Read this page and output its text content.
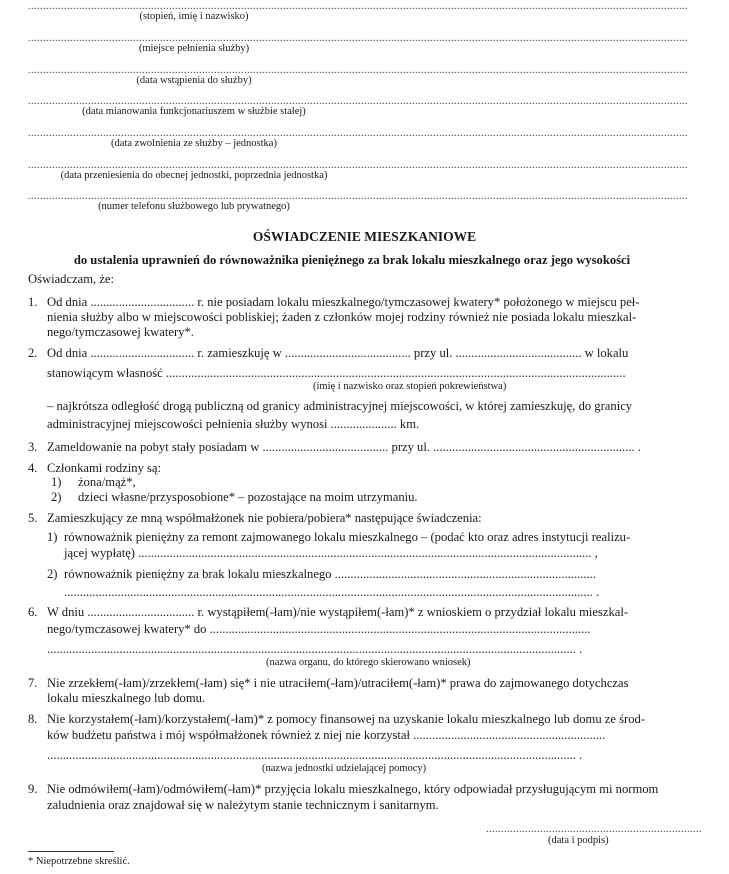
............................................................................................................................................................................................................................
(stopień, imię i nazwisko)
............................................................................................................................................................................................................................
(miejsce pełnienia służby)
............................................................................................................................................................................................................................
(data wstąpienia do służby)
............................................................................................................................................................................................................................
(data mianowania funkcjonariuszem w służbie stałej)
............................................................................................................................................................................................................................
(data zwolnienia ze służby – jednostka)
............................................................................................................................................................................................................................
(data przeniesienia do obecnej jednostki, poprzednia jednostka)
............................................................................................................................................................................................................................
(numer telefonu służbowego lub prywatnego)
OŚWIADCZENIE MIESZKANIOWE
do ustalenia uprawnień do równoważnika pieniężnego za brak lokalu mieszkalnego oraz jego wysokości
Oświadczam, że:
1. Od dnia ................................. r. nie posiadam lokalu mieszkalnego/tymczasowej kwatery* położonego w miejscu peł-
nienia służby albo w miejscowości pobliskiej; żaden z członków mojej rodziny również nie posiada lokalu mieszkal-
nego/tymczasowej kwatery*.
2. Od dnia ................................. r. zamieszkuję w ........................................ przy ul. ........................................ w lokalu
stanowiącym własność ..................................................................................................................................................
(imię i nazwisko oraz stopień pokrewieństwa)
– najkrótsza odległość drogą publiczną od granicy administracyjnej miejscowości, w której zamieszkuję, do granicy
administracyjnej miejscowości pełnienia służby wynosi ..................... km.
3. Zameldowanie na pobyt stały posiadam w ........................................ przy ul. ................................................................ .
4. Członkami rodziny są:
1) żona/mąż*,
2) dzieci własne/przysposobione* – pozostające na moim utrzymaniu.
5. Zamieszkujący ze mną współmałżonek nie pobiera/pobiera* następujące świadczenia:
1) równoważnik pieniężny za remont zajmowanego lokalu mieszkalnego – (podać kto oraz adres instytucji realizu-
jącej wypłatę) ................................................................................................................................................ ,
2) równoważnik pieniężny za brak lokalu mieszkalnego ...................................................................................
........................................................................................................................................................................ .
6. W dniu .................................. r. wystąpiłem(-łam)/nie wystąpiłem(-łam)* z wnioskiem o przydział lokalu mieszkal-
nego/tymczasowej kwatery* do .........................................................................................................................
........................................................................................................................................................................ .
(nazwa organu, do którego skierowano wniosek)
7. Nie zrzekłem(-łam)/zrzekłem(-łam) się* i nie utraciłem(-łam)/utraciłem(-łam)* prawa do zajmowanego dotychczas
lokalu mieszkalnego lub domu.
8. Nie korzystałem(-łam)/korzystałem(-łam)* z pomocy finansowej na uzyskanie lokalu mieszkalnego lub domu ze środ-
ków budżetu państwa i mój współmałżonek również z niej nie korzystał .............................................................
........................................................................................................................................................................ .
(nazwa jednostki udzielającej pomocy)
9. Nie odmówiłem(-łam)/odmówiłem(-łam)* przyjęcia lokalu mieszkalnego, który odpowiadał przysługującym mi normom
zaludnienia oraz znajdował się w należytym stanie technicznym i sanitarnym.
........................................................................
(data i podpis)
* Niepotrzebne skreślić.
